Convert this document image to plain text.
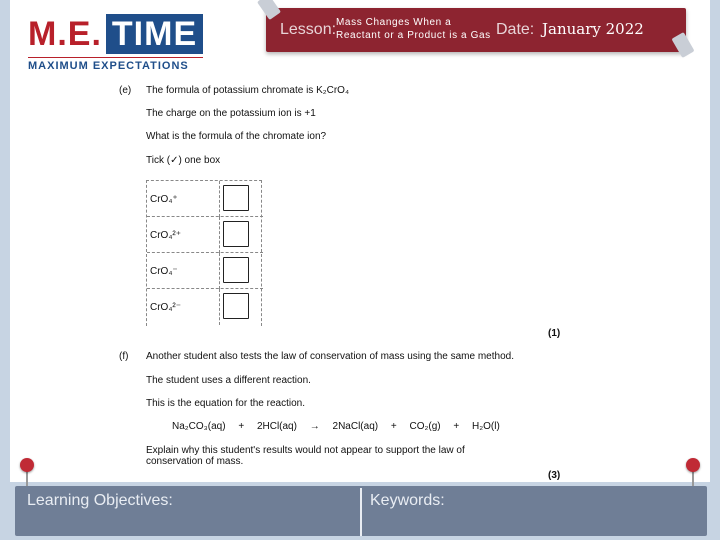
M.E. TIME
MAXIMUM EXPECTATIONS
Lesson: Mass Changes When a Reactant or a Product is a Gas Date: January 2022
(e) The formula of potassium chromate is K₂CrO₄
The charge on the potassium ion is +1
What is the formula of the chromate ion?
Tick (✓) one box
CrO₄⁺
CrO₄²⁺
CrO₄⁻
CrO₄²⁻
(1)
(f) Another student also tests the law of conservation of mass using the same method.
The student uses a different reaction.
This is the equation for the reaction.
Na₂CO₃(aq) + 2HCl(aq) → 2NaCl(aq) + CO₂(g) + H₂O(l)
Explain why this student's results would not appear to support the law of
conservation of mass.
(3)
Learning Objectives:	Keywords:
